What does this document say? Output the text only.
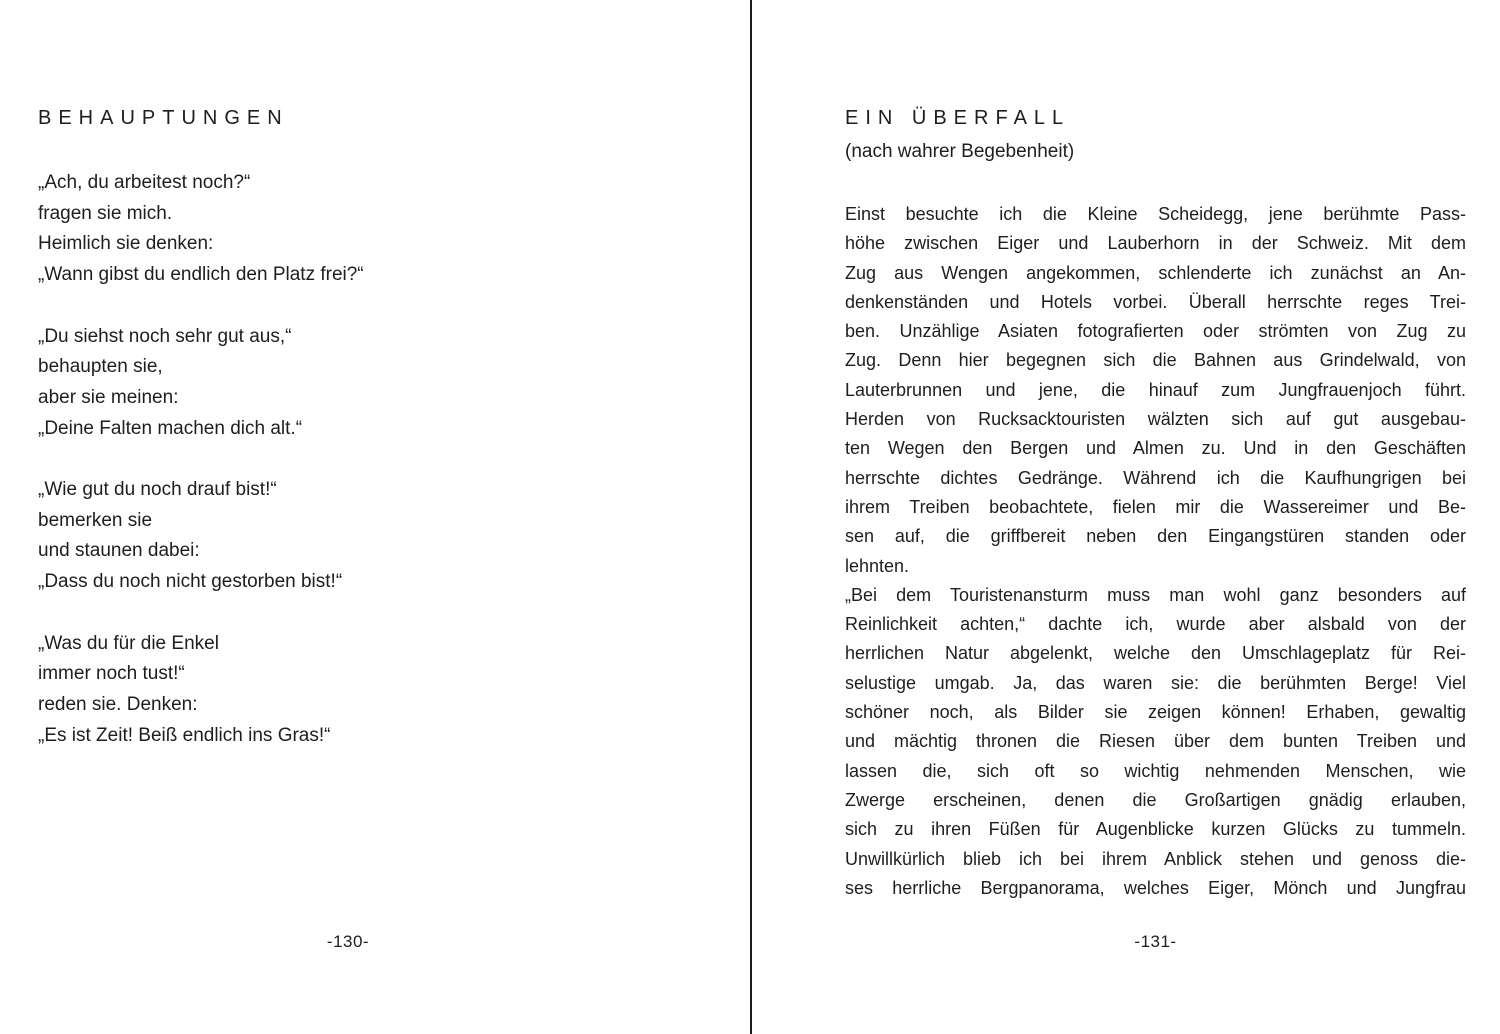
BEHAUPTUNGEN
„Ach, du arbeitest noch?“
fragen sie mich.
Heimlich sie denken:
„Wann gibst du endlich den Platz frei?“
„Du siehst noch sehr gut aus,“
behaupten sie,
aber sie meinen:
„Deine Falten machen dich alt.“
„Wie gut du noch drauf bist!“
bemerken sie
und staunen dabei:
„Dass du noch nicht gestorben bist!“
„Was du für die Enkel
immer noch tust!“
reden sie. Denken:
„Es ist Zeit! Beiß endlich ins Gras!“
-130-
EIN ÜBERFALL
(nach wahrer Begebenheit)
Einst besuchte ich die Kleine Scheidegg, jene berühmte Pass-
höhe zwischen Eiger und Lauberhorn in der Schweiz. Mit dem
Zug aus Wengen angekommen, schlenderte ich zunächst an An-
denkenständen und Hotels vorbei. Überall herrschte reges Trei-
ben. Unzählige Asiaten fotografierten oder strömten von Zug zu
Zug. Denn hier begegnen sich die Bahnen aus Grindelwald, von
Lauterbrunnen und jene, die hinauf zum Jungfrauenjoch führt.
Herden von Rucksacktouristen wälzten sich auf gut ausgebau-
ten Wegen den Bergen und Almen zu. Und in den Geschäften
herrschte dichtes Gedränge. Während ich die Kaufhungrigen bei
ihrem Treiben beobachtete, fielen mir die Wassereimer und Be-
sen auf, die griffbereit neben den Eingangstüren standen oder
lehnten.
„Bei dem Touristenansturm muss man wohl ganz besonders auf
Reinlichkeit achten,“ dachte ich, wurde aber alsbald von der
herrlichen Natur abgelenkt, welche den Umschlageplatz für Rei-
selustige umgab. Ja, das waren sie: die berühmten Berge! Viel
schöner noch, als Bilder sie zeigen können! Erhaben, gewaltig
und mächtig thronen die Riesen über dem bunten Treiben und
lassen die, sich oft so wichtig nehmenden Menschen, wie
Zwerge erscheinen, denen die Großartigen gnädig erlauben,
sich zu ihren Füßen für Augenblicke kurzen Glücks zu tummeln.
Unwillkürlich blieb ich bei ihrem Anblick stehen und genoss die-
ses herrliche Bergpanorama, welches Eiger, Mönch und Jungfrau
-131-
